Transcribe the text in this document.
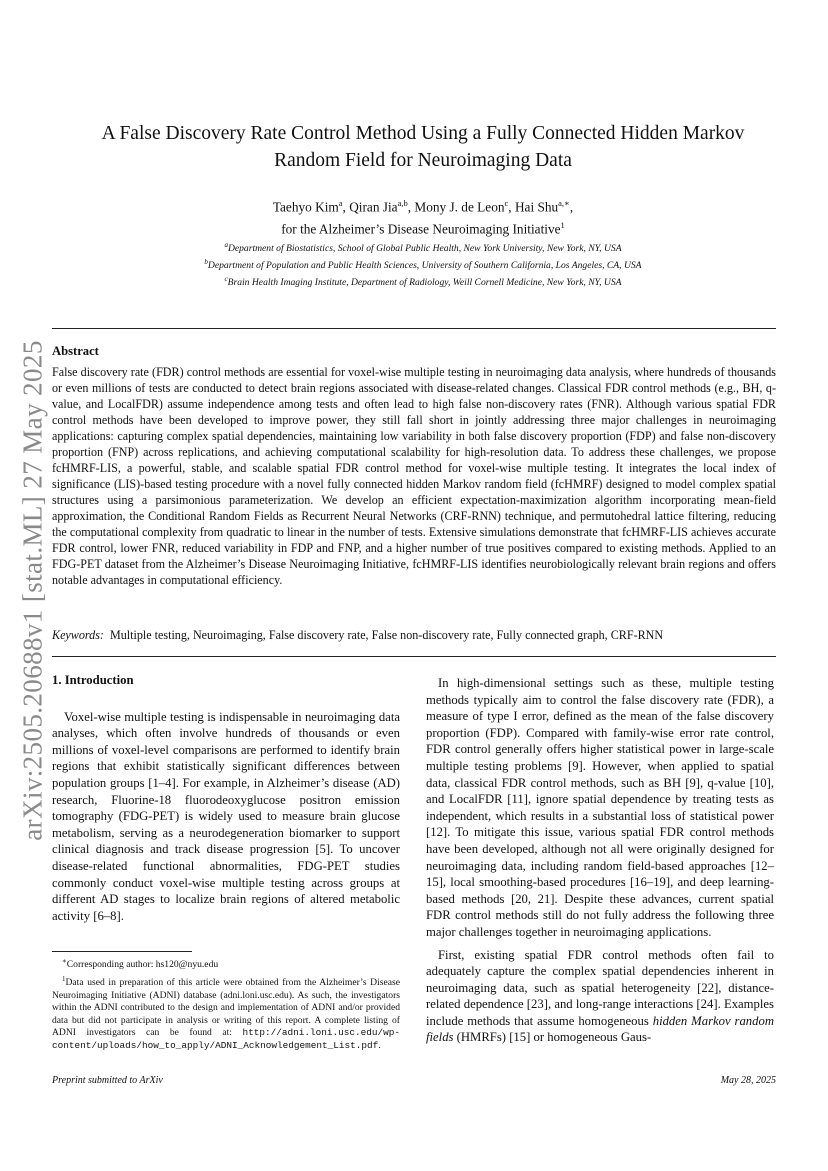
arXiv:2505.20688v1 [stat.ML] 27 May 2025
A False Discovery Rate Control Method Using a Fully Connected Hidden Markov
Random Field for Neuroimaging Data
Taehyo Kim$^a$, Qiran Jia$^{a,b}$, Mony J. de Leon$^c$, Hai Shu$^{a,∗}$,
for the Alzheimer’s Disease Neuroimaging Initiative$^1$
$^a$Department of Biostatistics, School of Global Public Health, New York University, New York, NY, USA
$^b$Department of Population and Public Health Sciences, University of Southern California, Los Angeles, CA, USA
$^c$Brain Health Imaging Institute, Department of Radiology, Weill Cornell Medicine, New York, NY, USA
Abstract

False discovery rate (FDR) control methods are essential for voxel-wise multiple testing in neuroimaging data analysis, where hundreds of thousands or even millions of tests are conducted to detect brain regions associated with disease-related changes. Classical FDR control methods (e.g., BH, q-value, and LocalFDR) assume independence among tests and often lead to high false non-discovery rates (FNR). Although various spatial FDR control methods have been developed to improve power, they still fall short in jointly addressing three major challenges in neuroimaging applications: capturing complex spatial dependencies, maintaining low variability in both false discovery proportion (FDP) and false non-discovery proportion (FNP) across replications, and achieving computational scalability for high-resolution data. To address these challenges, we propose fcHMRF-LIS, a powerful, stable, and scalable spatial FDR control method for voxel-wise multiple testing. It integrates the local index of significance (LIS)-based testing procedure with a novel fully connected hidden Markov random field (fcHMRF) designed to model complex spatial structures using a parsimonious parameterization. We develop an efficient expectation-maximization algorithm incorporating mean-field approximation, the Conditional Random Fields as Recurrent Neural Networks (CRF-RNN) technique, and permutohedral lattice filtering, reducing the computational complexity from quadratic to linear in the number of tests. Extensive simulations demonstrate that fcHMRF-LIS achieves accurate FDR control, lower FNR, reduced variability in FDP and FNP, and a higher number of true positives compared to existing methods. Applied to an FDG-PET dataset from the Alzheimer’s Disease Neuroimaging Initiative, fcHMRF-LIS identifies neurobiologically relevant brain regions and offers notable advantages in computational efficiency.

Keywords: Multiple testing, Neuroimaging, False discovery rate, False non-discovery rate, Fully connected graph, CRF-RNN
1. Introduction

Voxel-wise multiple testing is indispensable in neuroimaging data analyses, which often involve hundreds of thousands or even millions of voxel-level comparisons are performed to identify brain regions that exhibit statistically significant differences between population groups [1–4]. For example, in Alzheimer’s disease (AD) research, Fluorine-18 fluorodeoxyglucose positron emission tomography (FDG-PET) is widely used to measure brain glucose metabolism, serving as a neurodegeneration biomarker to support clinical diagnosis and track disease progression [5]. To uncover disease-related functional abnormalities, FDG-PET studies commonly conduct voxel-wise multiple testing across groups at different AD stages to localize brain regions of altered metabolic activity [6–8].

In high-dimensional settings such as these, multiple testing methods typically aim to control the false discovery rate (FDR), a measure of type I error, defined as the mean of the false discovery proportion (FDP). Compared with family-wise error rate control, FDR control generally offers higher statistical power in large-scale multiple testing problems [9]. However, when applied to spatial data, classical FDR control methods, such as BH [9], q-value [10], and LocalFDR [11], ignore spatial dependence by treating tests as independent, which results in a substantial loss of statistical power [12]. To mitigate this issue, various spatial FDR control methods have been developed, although not all were originally designed for neuroimaging data, including random field-based approaches [12–15], local smoothing-based procedures [16–19], and deep learning-based methods [20, 21]. Despite these advances, current spatial FDR control methods still do not fully address the following three major challenges together in neuroimaging applications.

First, existing spatial FDR control methods often fail to adequately capture the complex spatial dependencies inherent in neuroimaging data, such as spatial heterogeneity [22], distance-related dependence [23], and long-range interactions [24]. Examples include methods that assume homogeneous hidden Markov random fields (HMRFs) [15] or homogeneous Gaus-

∗Corresponding author: hs120@nyu.edu

$^1$Data used in preparation of this article were obtained from the Alzheimer’s Disease Neuroimaging Initiative (ADNI) database (adni.loni.usc.edu). As such, the investigators within the ADNI contributed to the design and implementation of ADNI and/or provided data but did not participate in analysis or writing of this report. A complete listing of ADNI investigators can be found at: http://adni.loni.usc.edu/wp-content/uploads/how_to_apply/ADNI_Acknowledgement_List.pdf.

Preprint submitted to ArXiv	May 28, 2025
